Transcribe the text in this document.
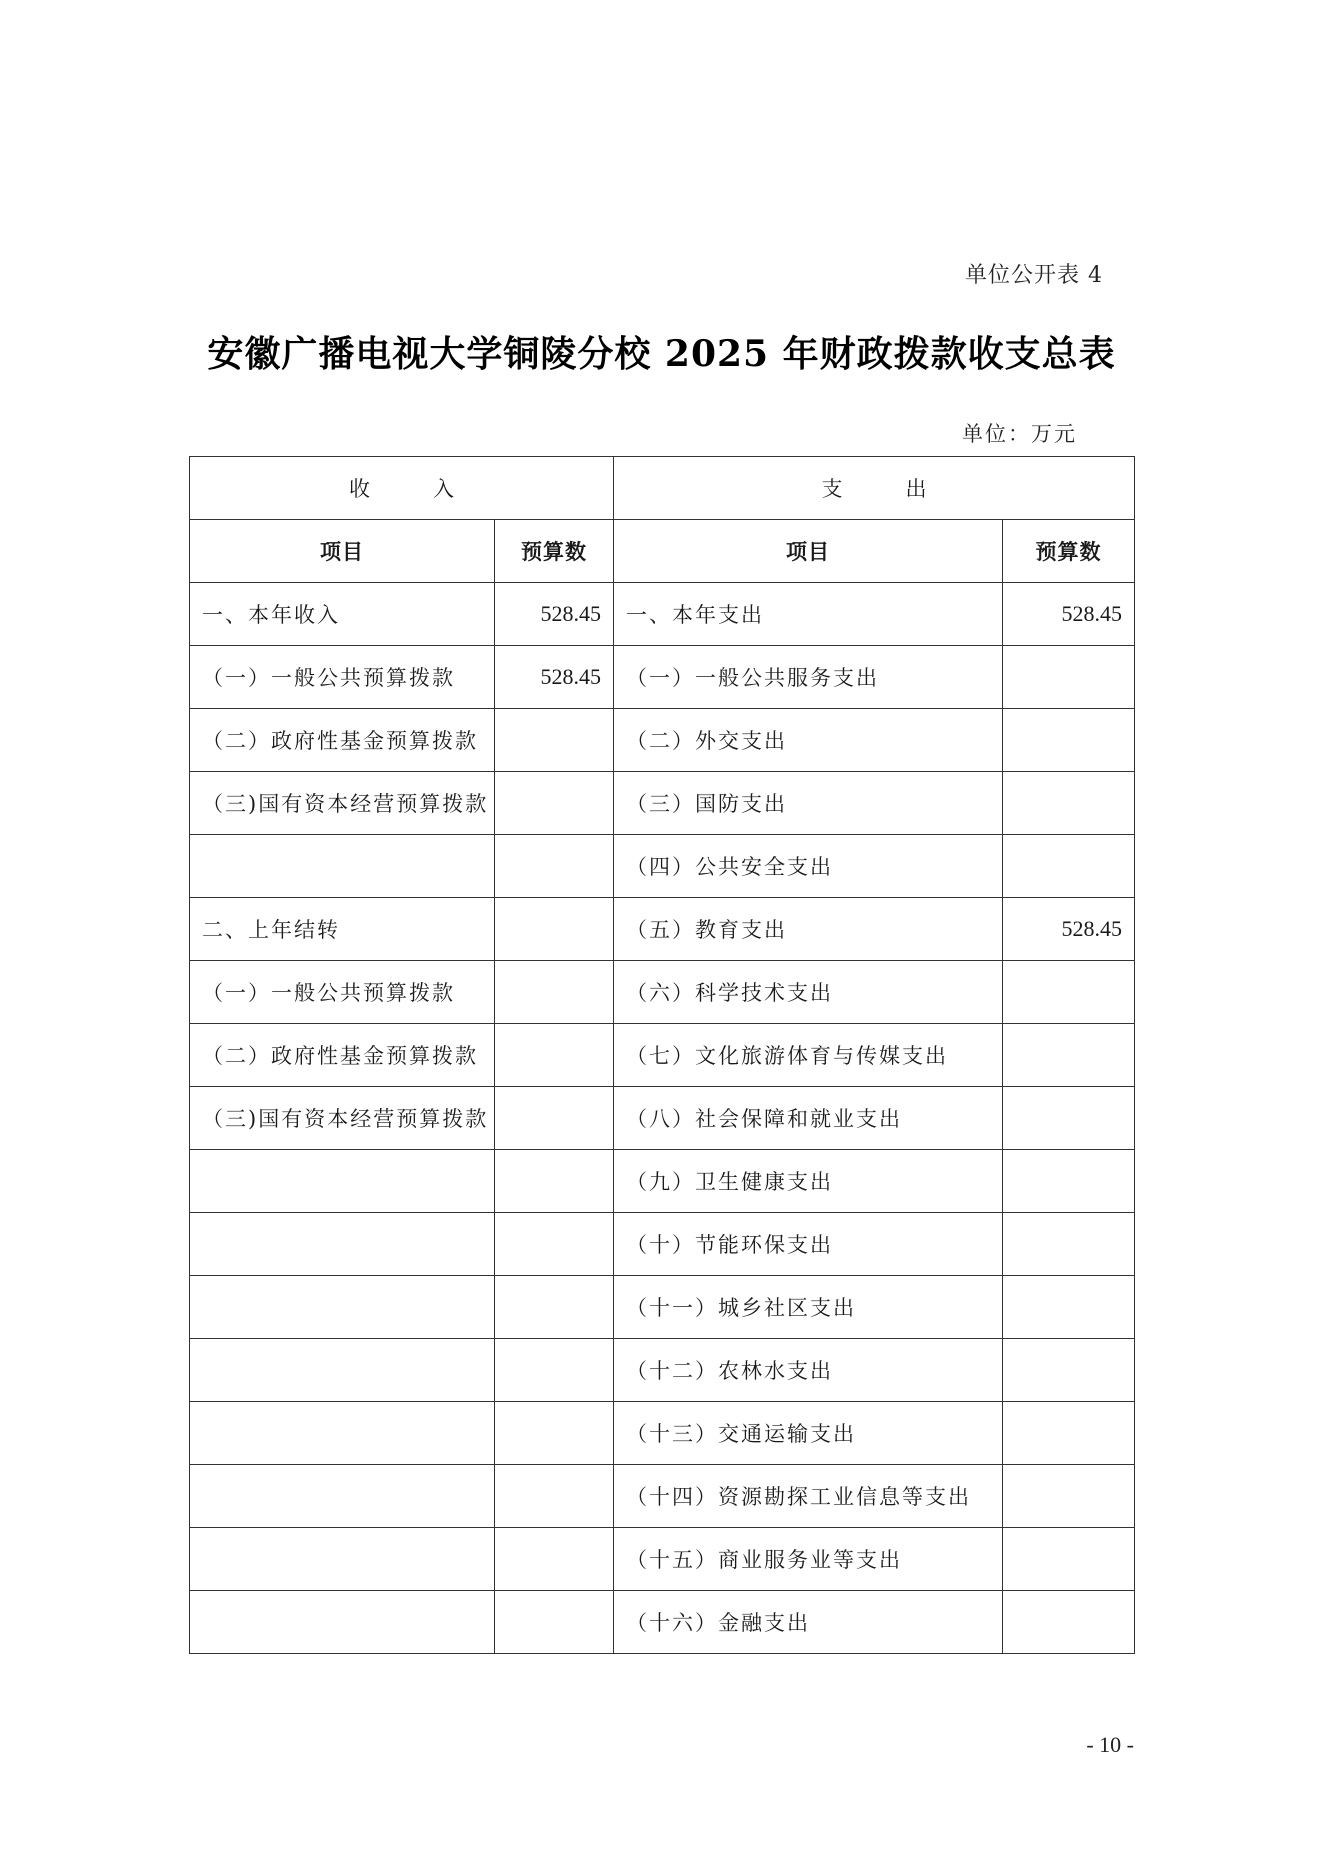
单位公开表 4
安徽广播电视大学铜陵分校 2025 年财政拨款收支总表
单位：万元
收　　　入		支　　　出	
项目	预算数	项目	预算数
一、本年收入	528.45	一、本年支出	528.45
（一）一般公共预算拨款	528.45	（一）一般公共服务支出	
（二）政府性基金预算拨款		（二）外交支出	
（三)国有资本经营预算拨款		（三）国防支出	
		（四）公共安全支出	
二、上年结转		（五）教育支出	528.45
（一）一般公共预算拨款		（六）科学技术支出	
（二）政府性基金预算拨款		（七）文化旅游体育与传媒支出	
（三)国有资本经营预算拨款		（八）社会保障和就业支出	
		（九）卫生健康支出	
		（十）节能环保支出	
		（十一）城乡社区支出	
		（十二）农林水支出	
		（十三）交通运输支出	
		（十四）资源勘探工业信息等支出	
		（十五）商业服务业等支出	
		（十六）金融支出	
- 10 -
